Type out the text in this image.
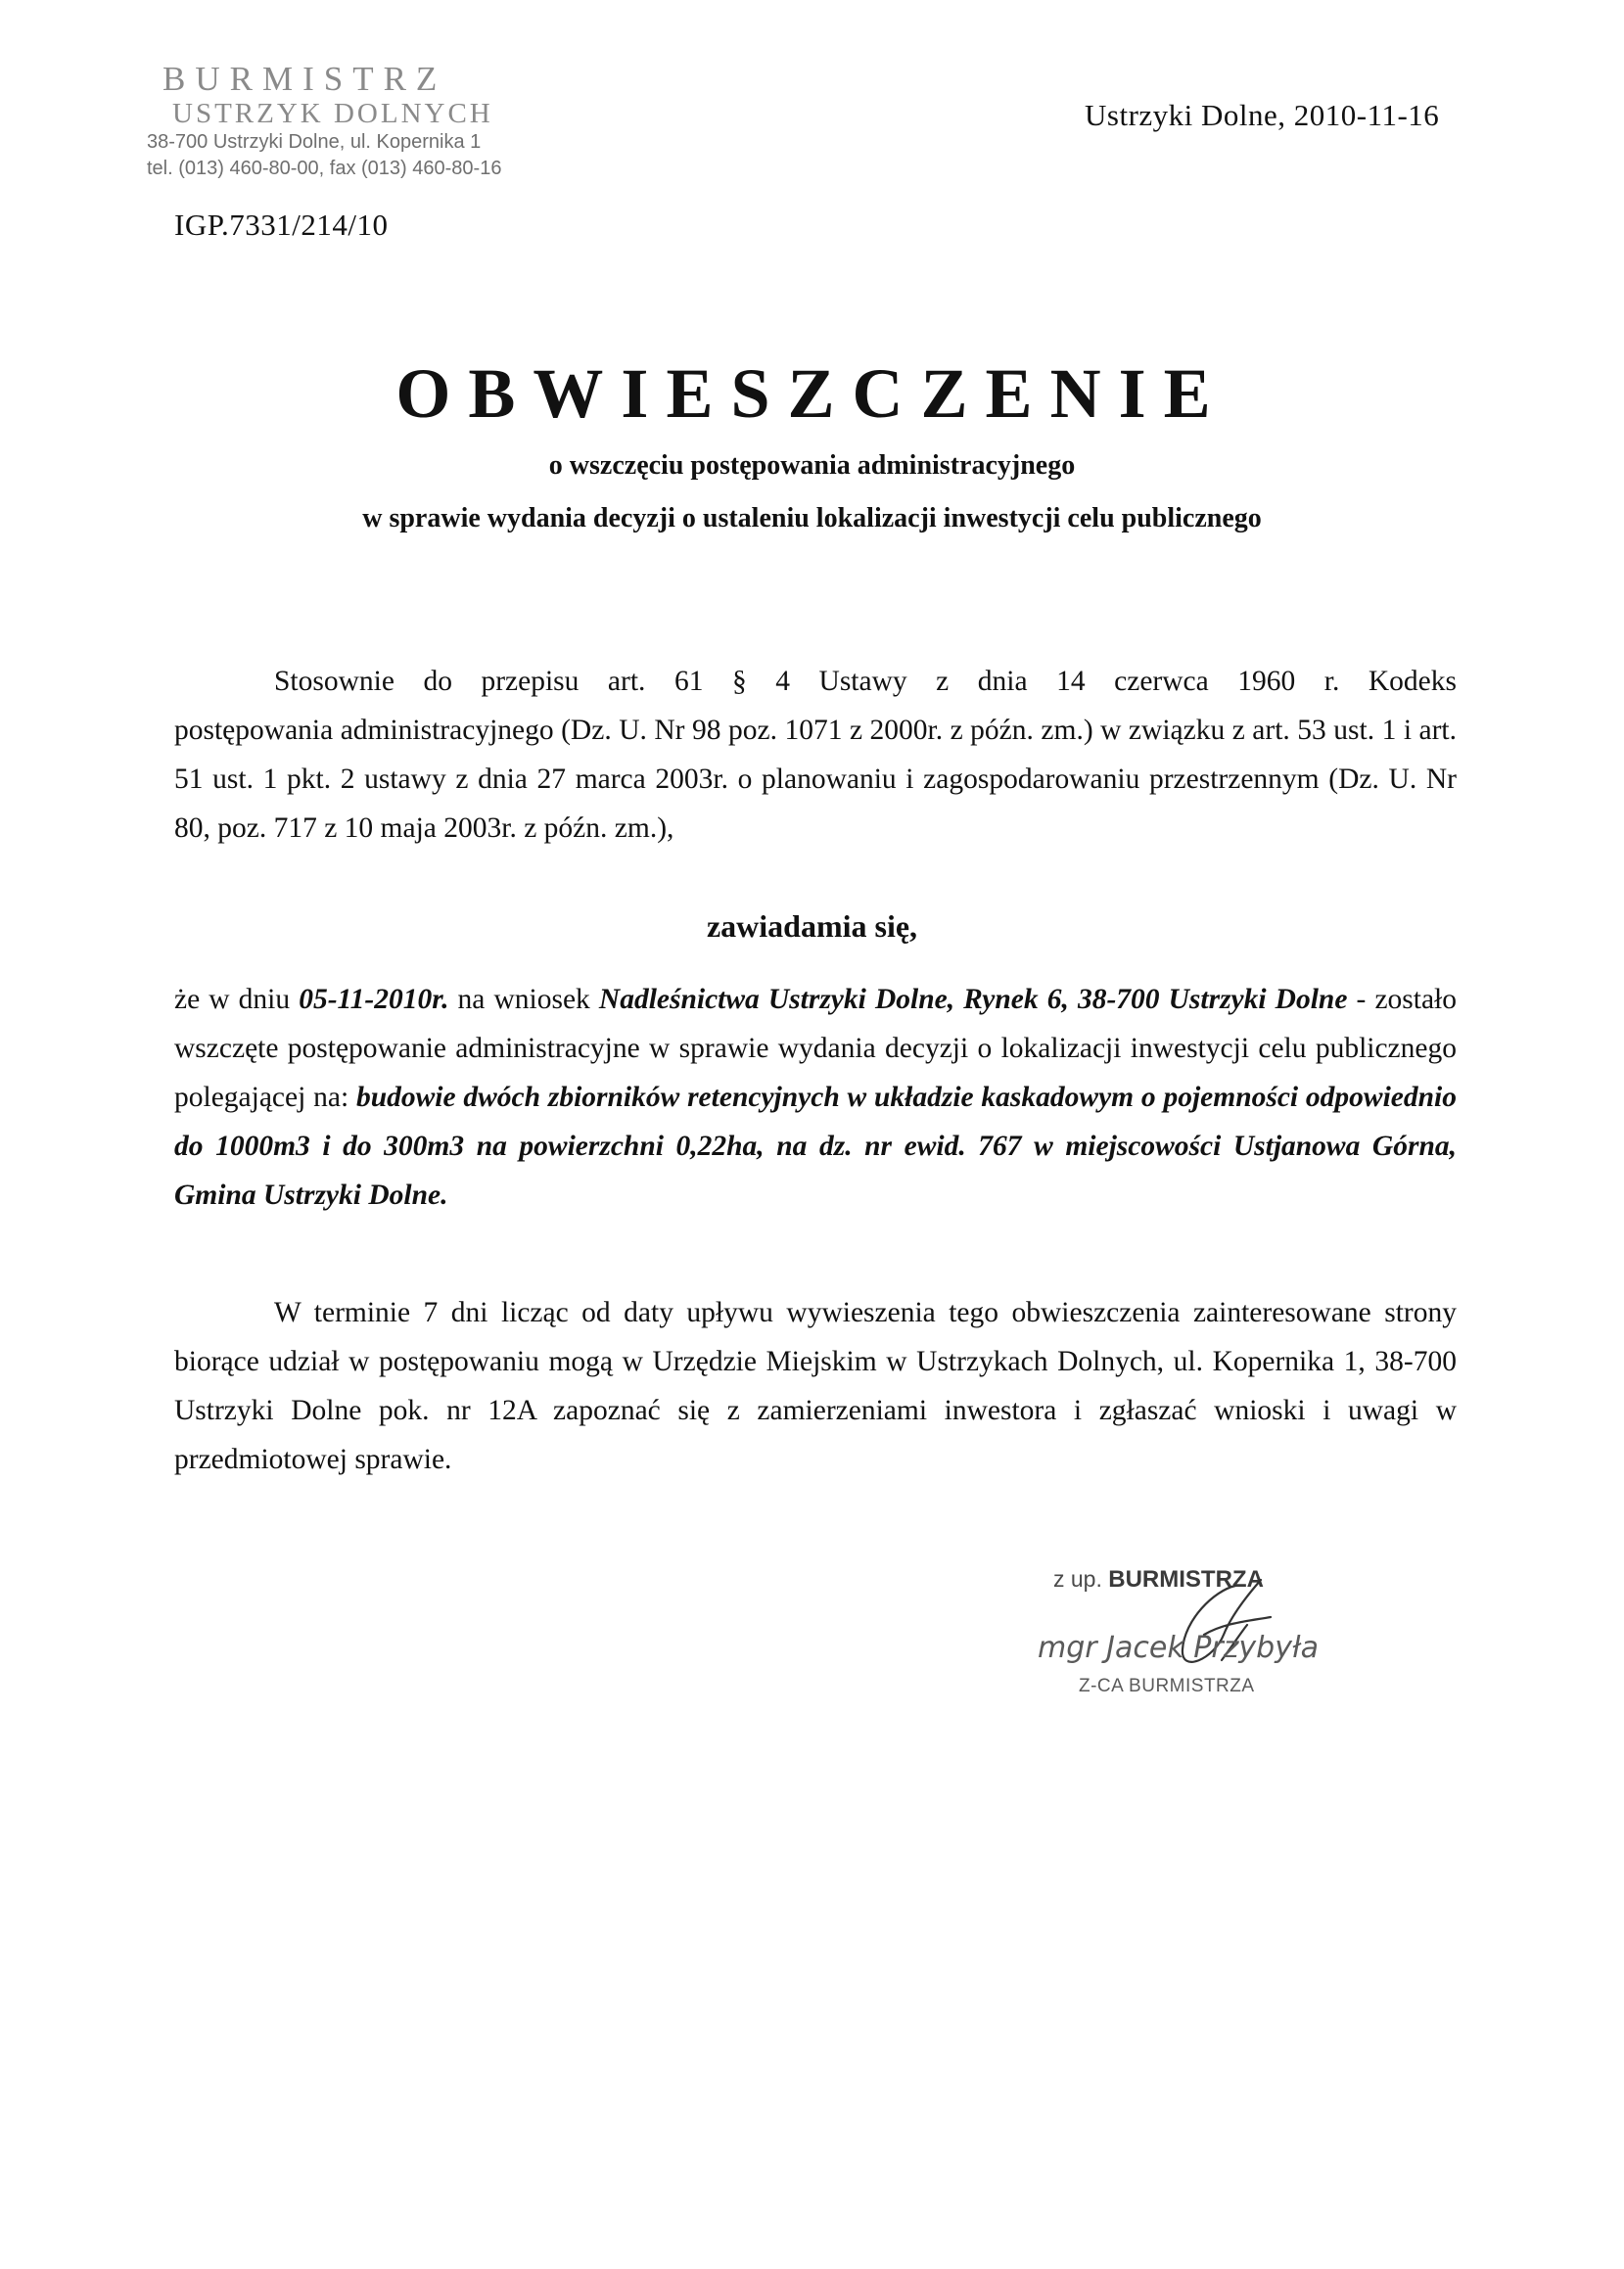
BURMISTRZ
USTRZYK DOLNYCH
38-700 Ustrzyki Dolne, ul. Kopernika 1
tel. (013) 460-80-00, fax (013) 460-80-16
Ustrzyki Dolne, 2010-11-16
IGP.7331/214/10
OBWIESZCZENIE
o wszczęciu postępowania administracyjnego
w sprawie wydania decyzji o ustaleniu lokalizacji inwestycji celu publicznego
Stosownie do przepisu art. 61 § 4 Ustawy z dnia 14 czerwca 1960 r. Kodeks
postępowania administracyjnego (Dz. U. Nr 98 poz. 1071 z 2000r. z późn. zm.) w związku z art. 53 ust. 1 i art. 51 ust. 1 pkt. 2 ustawy z dnia 27 marca 2003r. o planowaniu i zagospodarowaniu przestrzennym (Dz. U. Nr 80, poz. 717 z 10 maja 2003r. z późn. zm.),
zawiadamia się,
że w dniu 05-11-2010r. na wniosek Nadleśnictwa Ustrzyki Dolne, Rynek 6, 38-700 Ustrzyki Dolne - zostało wszczęte postępowanie administracyjne w sprawie wydania decyzji o lokalizacji inwestycji celu publicznego polegającej na: budowie dwóch zbiorników retencyjnych w układzie kaskadowym o pojemności odpowiednio do 1000m3 i do 300m3 na powierzchni 0,22ha, na dz. nr ewid. 767 w miejscowości Ustjanowa Górna, Gmina Ustrzyki Dolne.
W terminie 7 dni licząc od daty upływu wywieszenia tego obwieszczenia zainteresowane strony biorące udział w postępowaniu mogą w Urzędzie Miejskim w Ustrzykach Dolnych, ul. Kopernika 1, 38-700 Ustrzyki Dolne pok. nr 12A zapoznać się z zamierzeniami inwestora i zgłaszać wnioski i uwagi w przedmiotowej sprawie.
z up. BURMISTRZA
mgr Jacek Przybyła
Z-CA BURMISTRZA
